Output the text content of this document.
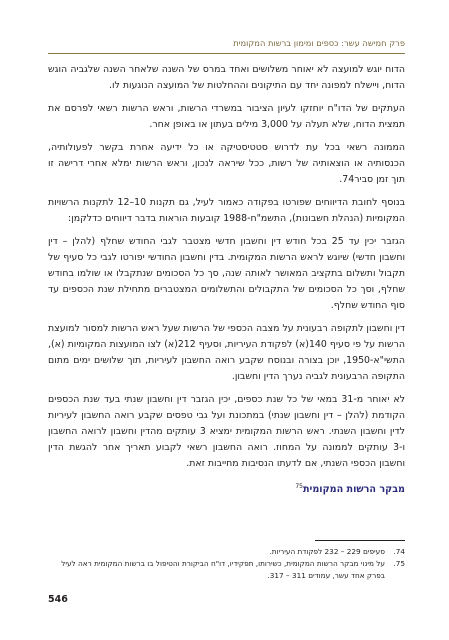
פרק חמישה עשר: כספים ומימון ברשות המקומית

הדוח יוגש למועצה לא יאוחר משלושים ואחד במרס של השנה שלאחר השנה שלגביה הוגש הדוח, ויישלח למפונה יחד עם התיקונים וההחלטות של המועצה הנוגעות לו.

העתקים של הדו"ח יוחזקו לעיון הציבור במשרדי הרשות, וראש הרשות רשאי לפרסם את תמצית הדוח, שלא תעלה על 3,000 מילים בעתון או באופן אחר.

הממונה רשאי בכל עת לדרוש סטטיסטיקה או כל ידיעה אחרת בקשר לפעולותיה, הכנסותיה או הוצאותיה של רשות, ככל שיראה לנכון, וראש הרשות ימלא אחרי דרישה זו תוך זמן סביר74.

בנוסף לחובת הדיווחים שפורטו בפקודה כאמור לעיל, גם תקנות 10–12 לתקנות הרשויות המקומיות (הנהלת חשבונות), התשמ"ח-1988 קובעות הוראות בדבר דיווחים כדלקמן:

הגזבר יכין עד 25 בכל חודש דין וחשבון חדשי מצטבר לגבי החודש שחלף (להלן – דין וחשבון חדשי) שיוגש לראש הרשות המקומית. בדין וחשבון החודשי יפורטו לגבי כל סעיף של תקבול ותשלום בתקציב המאושר לאותה שנה, סך כל הסכומים שנתקבלו או שולמו בחודש שחלף, וסך כל הסכומים של התקבולים והתשלומים המצטברים מתחילת שנת הכספים עד סוף החודש שחלף.

דין וחשבון לתקופה רבעונית על מצבה הכספי של הרשות שעל ראש הרשות למסור למועצת הרשות על פי סעיף 140(א) לפקודת העיריות, וסעיף 212(א) לצו המועצות המקומיות (א), התשי"א-1950, יוכן בצורה ובנוסח שקבע רואה החשבון לעיריות, תוך שלושים ימים מתום התקופה הרבעונית לגביה נערך הדין וחשבון.

לא יאוחר מ-31 במאי של כל שנת כספים, יכין הגזבר דין וחשבון שנתי בעד שנת הכספים הקודמת (להלן – דין וחשבון שנתי) במתכונת ועל גבי טפסים שקבע רואה החשבון לעיריות לדין וחשבון השנתי. ראש הרשות המקומית ימציא 3 עותקים מהדין וחשבון לרואה החשבון ו-3 עותקים לממונה על המחוז. רואה החשבון רשאי לקבוע תאריך אחר להגשת הדין וחשבון הכספי השנתי, אם לדעתו הנסיבות מחייבות זאת.

מבקר הרשות המקומית$^{75}$
74.
סעיפים 229 – 232 לפקודת העיריות.
75.
על מינוי מבקר הרשות המקומית, כשירותו, תפקידיו, דו"ח הביקורת והטיפול בו ברשות המקומית ראה לעיל בפרק אחד עשר, עמודים 311 – 317.
546
